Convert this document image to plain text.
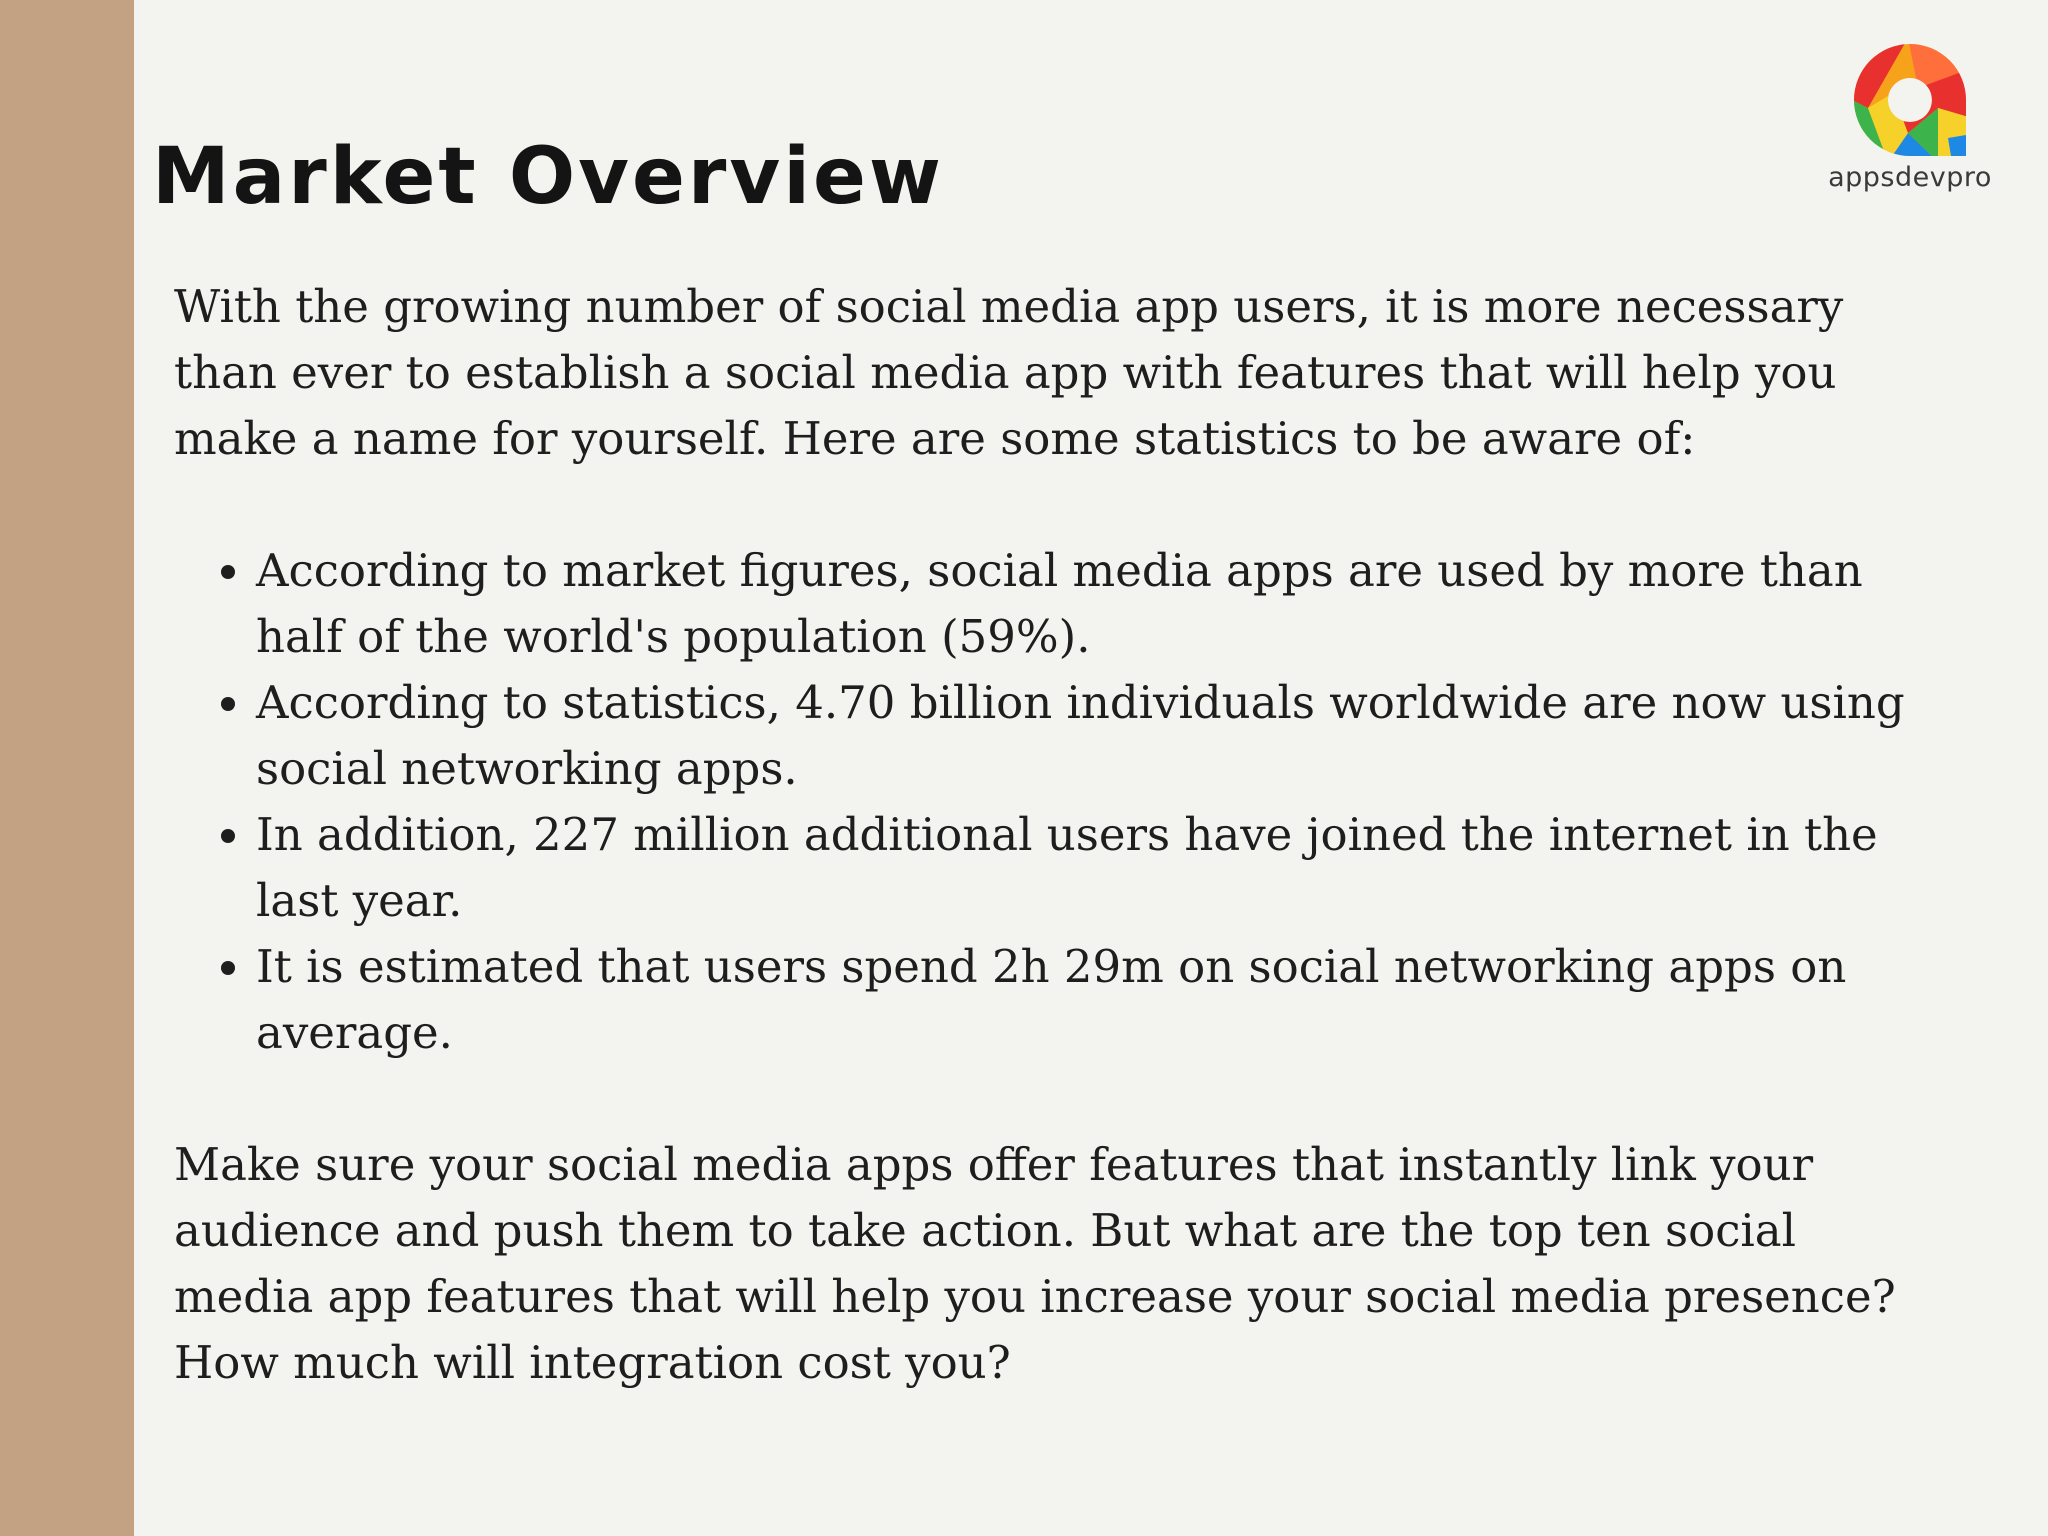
Market Overview	appsdevpro

With the growing number of social media app users, it is more necessary than ever to establish a social media app with features that will help you make a name for yourself. Here are some statistics to be aware of:

• According to market figures, social media apps are used by more than half of the world's population (59%).
• According to statistics, 4.70 billion individuals worldwide are now using social networking apps.
• In addition, 227 million additional users have joined the internet in the last year.
• It is estimated that users spend 2h 29m on social networking apps on average.

Make sure your social media apps offer features that instantly link your audience and push them to take action. But what are the top ten social media app features that will help you increase your social media presence? How much will integration cost you?
